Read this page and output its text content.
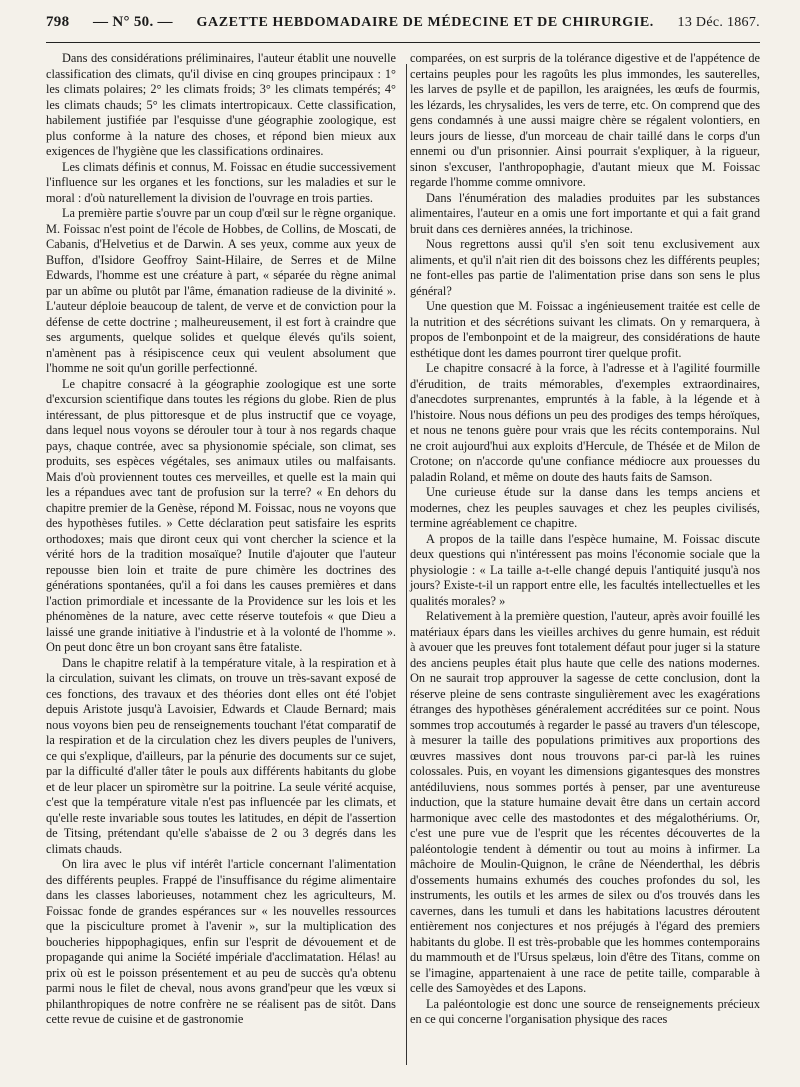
798 — N° 50. — GAZETTE HEBDOMADAIRE DE MÉDECINE ET DE CHIRURGIE. 13 Déc. 1867.

Dans des considérations préliminaires, l'auteur établit une nouvelle classification des climats, qu'il divise en cinq groupes principaux : 1° les climats polaires; 2° les climats froids; 3° les climats tempérés; 4° les climats chauds; 5° les climats intertropicaux. Cette classification, habilement justifiée par l'esquisse d'une géographie zoologique, est plus conforme à la nature des choses, et répond bien mieux aux exigences de l'hygiène que les classifications ordinaires.

Les climats définis et connus, M. Foissac en étudie successivement l'influence sur les organes et les fonctions, sur les maladies et sur le moral : d'où naturellement la division de l'ouvrage en trois parties.

La première partie s'ouvre par un coup d'œil sur le règne organique. M. Foissac n'est point de l'école de Hobbes, de Collins, de Moscati, de Cabanis, d'Helvetius et de Darwin. A ses yeux, comme aux yeux de Buffon, d'Isidore Geoffroy Saint-Hilaire, de Serres et de Milne Edwards, l'homme est une créature à part, « séparée du règne animal par un abîme ou plutôt par l'âme, émanation radieuse de la divinité ». L'auteur déploie beaucoup de talent, de verve et de conviction pour la défense de cette doctrine ; malheureusement, il est fort à craindre que ses arguments, quelque solides et quelque élevés qu'ils soient, n'amènent pas à résipiscence ceux qui veulent absolument que l'homme ne soit qu'un gorille perfectionné.

Le chapitre consacré à la géographie zoologique est une sorte d'excursion scientifique dans toutes les régions du globe. Rien de plus intéressant, de plus pittoresque et de plus instructif que ce voyage, dans lequel nous voyons se dérouler tour à tour à nos regards chaque pays, chaque contrée, avec sa physionomie spéciale, son climat, ses produits, ses espèces végétales, ses animaux utiles ou malfaisants. Mais d'où proviennent toutes ces merveilles, et quelle est la main qui les a répandues avec tant de profusion sur la terre? « En dehors du chapitre premier de la Genèse, répond M. Foissac, nous ne voyons que des hypothèses futiles. » Cette déclaration peut satisfaire les esprits orthodoxes; mais que diront ceux qui vont chercher la science et la vérité hors de la tradition mosaïque? Inutile d'ajouter que l'auteur repousse bien loin et traite de pure chimère les doctrines des générations spontanées, qu'il a foi dans les causes premières et dans l'action primordiale et incessante de la Providence sur les lois et les phénomènes de la nature, avec cette réserve toutefois « que Dieu a laissé une grande initiative à l'industrie et à la volonté de l'homme ». On peut donc être un bon croyant sans être fataliste.

Dans le chapitre relatif à la température vitale, à la respiration et à la circulation, suivant les climats, on trouve un très-savant exposé de ces fonctions, des travaux et des théories dont elles ont été l'objet depuis Aristote jusqu'à Lavoisier, Edwards et Claude Bernard; mais nous voyons bien peu de renseignements touchant l'état comparatif de la respiration et de la circulation chez les divers peuples de l'univers, ce qui s'explique, d'ailleurs, par la pénurie des documents sur ce sujet, par la difficulté d'aller tâter le pouls aux différents habitants du globe et de leur placer un spiromètre sur la poitrine. La seule vérité acquise, c'est que la température vitale n'est pas influencée par les climats, et qu'elle reste invariable sous toutes les latitudes, en dépit de l'assertion de Titsing, prétendant qu'elle s'abaisse de 2 ou 3 degrés dans les climats chauds.

On lira avec le plus vif intérêt l'article concernant l'alimentation des différents peuples. Frappé de l'insuffisance du régime alimentaire dans les classes laborieuses, notamment chez les agriculteurs, M. Foissac fonde de grandes espérances sur « les nouvelles ressources que la pisciculture promet à l'avenir », sur la multiplication des boucheries hippophagiques, enfin sur l'esprit de dévouement et de propagande qui anime la Société impériale d'acclimatation. Hélas! au prix où est le poisson présentement et au peu de succès qu'a obtenu parmi nous le filet de cheval, nous avons grand'peur que les vœux si philanthropiques de notre confrère ne se réalisent pas de sitôt. Dans cette revue de cuisine et de gastronomie

comparées, on est surpris de la tolérance digestive et de l'appétence de certains peuples pour les ragoûts les plus immondes, les sauterelles, les larves de psylle et de papillon, les araignées, les œufs de fourmis, les lézards, les chrysalides, les vers de terre, etc. On comprend que des gens condamnés à une aussi maigre chère se régalent volontiers, en leurs jours de liesse, d'un morceau de chair taillé dans le corps d'un ennemi ou d'un prisonnier. Ainsi pourrait s'expliquer, à la rigueur, sinon s'excuser, l'anthropophagie, d'autant mieux que M. Foissac regarde l'homme comme omnivore.

Dans l'énumération des maladies produites par les substances alimentaires, l'auteur en a omis une fort importante et qui a fait grand bruit dans ces dernières années, la trichinose.

Nous regrettons aussi qu'il s'en soit tenu exclusivement aux aliments, et qu'il n'ait rien dit des boissons chez les différents peuples; ne font-elles pas partie de l'alimentation prise dans son sens le plus général?

Une question que M. Foissac a ingénieusement traitée est celle de la nutrition et des sécrétions suivant les climats. On y remarquera, à propos de l'embonpoint et de la maigreur, des considérations de haute esthétique dont les dames pourront tirer quelque profit.

Le chapitre consacré à la force, à l'adresse et à l'agilité fourmille d'érudition, de traits mémorables, d'exemples extraordinaires, d'anecdotes surprenantes, empruntés à la fable, à la légende et à l'histoire. Nous nous défions un peu des prodiges des temps héroïques, et nous ne tenons guère pour vrais que les récits contemporains. Nul ne croit aujourd'hui aux exploits d'Hercule, de Thésée et de Milon de Crotone; on n'accorde qu'une confiance médiocre aux prouesses du paladin Roland, et même on doute des hauts faits de Samson.

Une curieuse étude sur la danse dans les temps anciens et modernes, chez les peuples sauvages et chez les peuples civilisés, termine agréablement ce chapitre.

A propos de la taille dans l'espèce humaine, M. Foissac discute deux questions qui n'intéressent pas moins l'économie sociale que la physiologie : « La taille a-t-elle changé depuis l'antiquité jusqu'à nos jours? Existe-t-il un rapport entre elle, les facultés intellectuelles et les qualités morales? »

Relativement à la première question, l'auteur, après avoir fouillé les matériaux épars dans les vieilles archives du genre humain, est réduit à avouer que les preuves font totalement défaut pour juger si la stature des anciens peuples était plus haute que celle des nations modernes. On ne saurait trop approuver la sagesse de cette conclusion, dont la réserve pleine de sens contraste singulièrement avec les exagérations étranges des hypothèses généralement accréditées sur ce point. Nous sommes trop accoutumés à regarder le passé au travers d'un télescope, à mesurer la taille des populations primitives aux proportions des œuvres massives dont nous trouvons par-ci par-là les ruines colossales. Puis, en voyant les dimensions gigantesques des monstres antédiluviens, nous sommes portés à penser, par une aventureuse induction, que la stature humaine devait être dans un certain accord harmonique avec celle des mastodontes et des mégalothériums. Or, c'est une pure vue de l'esprit que les récentes découvertes de la paléontologie tendent à démentir ou tout au moins à infirmer. La mâchoire de Moulin-Quignon, le crâne de Néenderthal, les débris d'ossements humains exhumés des couches profondes du sol, les instruments, les outils et les armes de silex ou d'os trouvés dans les cavernes, dans les tumuli et dans les habitations lacustres déroutent entièrement nos conjectures et nos préjugés à l'égard des premiers habitants du globe. Il est très-probable que les hommes contemporains du mammouth et de l'Ursus spelæus, loin d'être des Titans, comme on se l'imagine, appartenaient à une race de petite taille, comparable à celle des Samoyèdes et des Lapons.

La paléontologie est donc une source de renseignements précieux en ce qui concerne l'organisation physique des races
